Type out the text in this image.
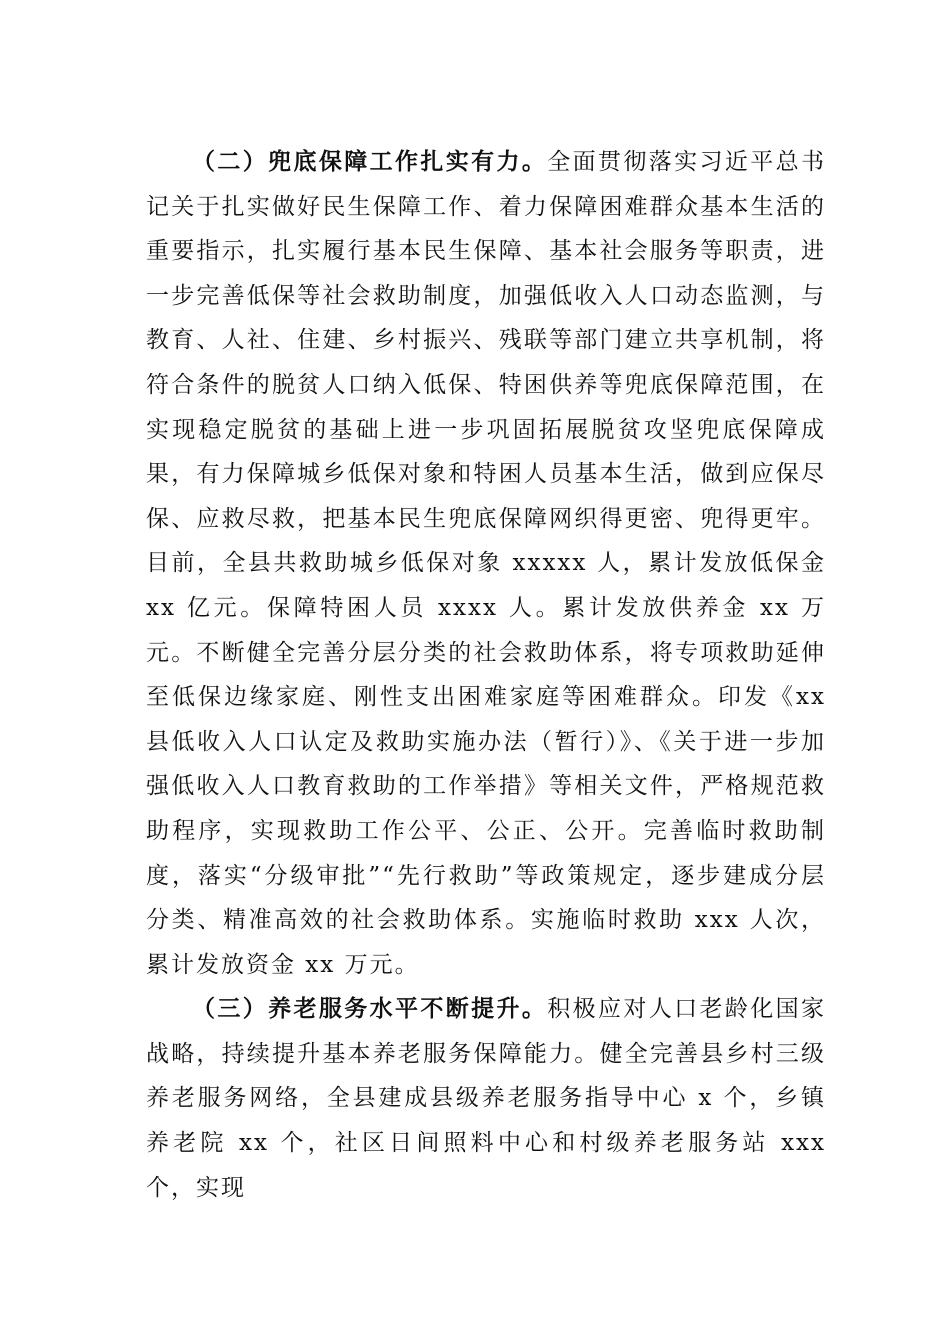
（二）兜底保障工作扎实有力。全面贯彻落实习近平总书记关于扎实做好民生保障工作、着力保障困难群众基本生活的重要指示，扎实履行基本民生保障、基本社会服务等职责，进一步完善低保等社会救助制度，加强低收入人口动态监测，与教育、人社、住建、乡村振兴、残联等部门建立共享机制，将符合条件的脱贫人口纳入低保、特困供养等兜底保障范围，在实现稳定脱贫的基础上进一步巩固拓展脱贫攻坚兜底保障成果，有力保障城乡低保对象和特困人员基本生活，做到应保尽保、应救尽救，把基本民生兜底保障网织得更密、兜得更牢。目前，全县共救助城乡低保对象 xxxxx 人，累计发放低保金 xx 亿元。保障特困人员 xxxx 人。累计发放供养金 xx 万元。不断健全完善分层分类的社会救助体系，将专项救助延伸至低保边缘家庭、刚性支出困难家庭等困难群众。印发《xx 县低收入人口认定及救助实施办法（暂行）》、《关于进一步加强低收入人口教育救助的工作举措》等相关文件，严格规范救助程序，实现救助工作公平、公正、公开。完善临时救助制度，落实“分级审批”“先行救助”等政策规定，逐步建成分层分类、精准高效的社会救助体系。实施临时救助 xxx 人次，累计发放资金 xx 万元。

（三）养老服务水平不断提升。积极应对人口老龄化国家战略，持续提升基本养老服务保障能力。健全完善县乡村三级养老服务网络，全县建成县级养老服务指导中心 x 个，乡镇养老院 xx 个，社区日间照料中心和村级养老服务站 xxx 个，实现
